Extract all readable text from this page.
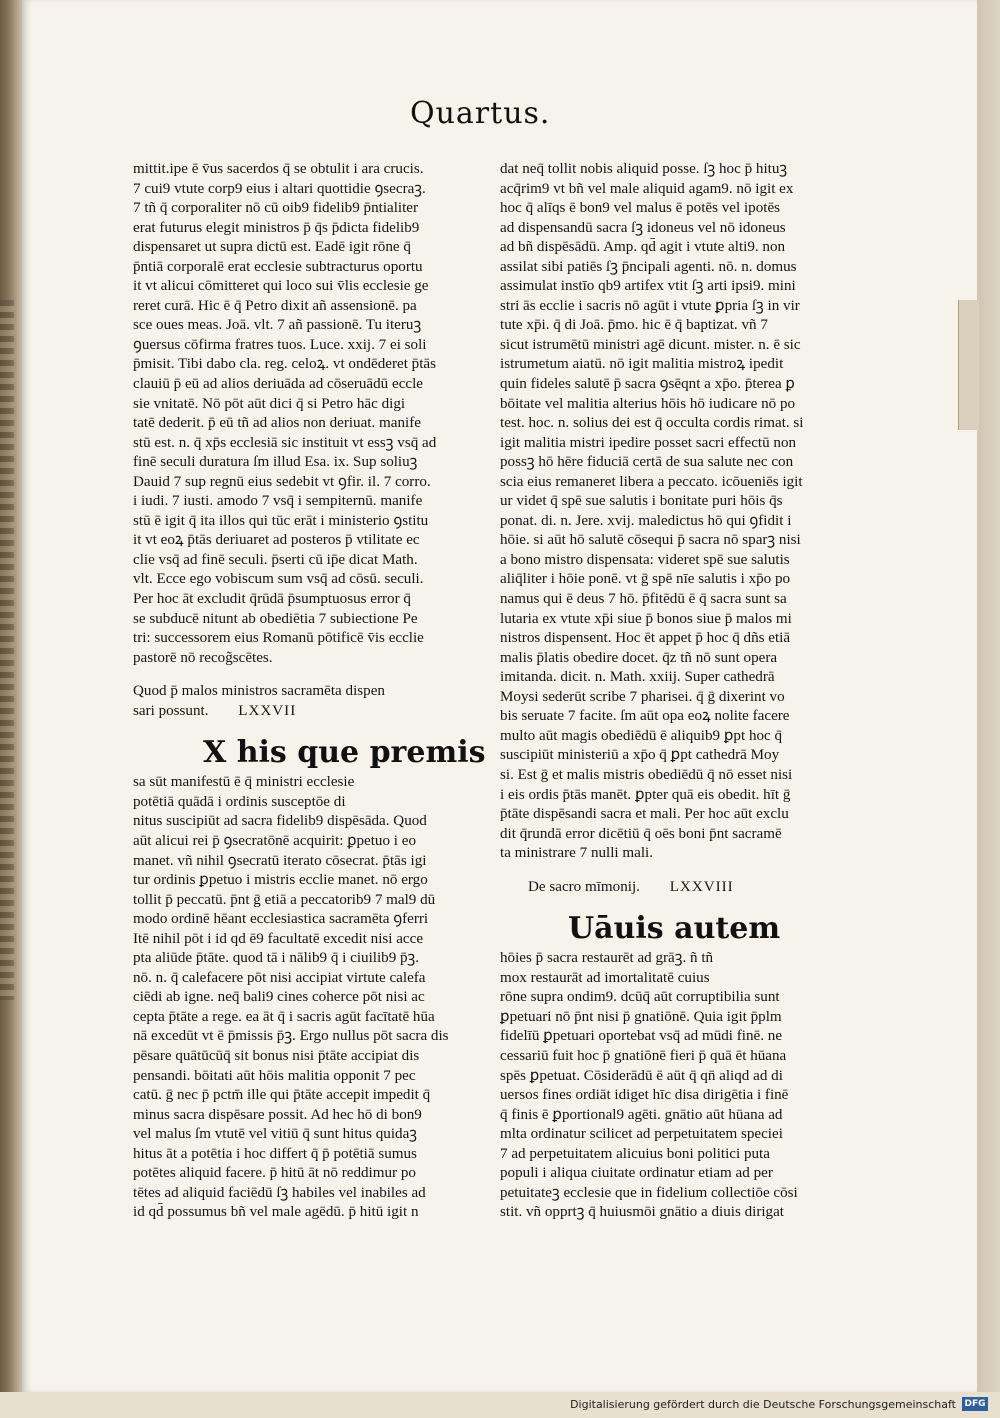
Quartus.
mittit.ipe ē v̄us sacerdos q̄ se obtulit i ara crucis.
7 cui9 vtute corp9 eius i altari quottidie ꝯsecraꝫ.
7 tñ q̄ corporaliter nō cū oib9 fidelib9 p̄ntialiter
erat futurus elegit ministros p̄ q̄s p̄dicta fidelib9
dispensaret ut supra dictū est. Eadē igit rōne q̄
p̄ntiā corporalē erat ecclesie subtracturus oportu
it vt alicui cōmitteret qui loco sui v̄lis ecclesie ge
reret curā. Hic ē q̄ Petro dixit añ assensionē. pa
sce oues meas. Joā. vlt. 7 añ passionē. Tu iteruꝫ
ꝯuersus cōfirma fratres tuos. Luce. xxij. 7 ei soli
p̄misit. Tibi dabo cla. reg. celoꝝ. vt ondēderet p̄tās
clauiū p̄ eū ad alios deriuāda ad cōseruādū eccle
sie vnitatē. Nō pōt aūt dici q̄ si Petro hāc digi
tatē dederit. p̄ eū tñ ad alios non deriuat. manife
stū est. n. q̄ xp̄s ecclesiā sic instituit vt essꝫ vsq̄ ad
finē seculi duratura ſm illud Esa. ix. Sup soliuꝫ
Dauid 7 sup regnū eius sedebit vt ꝯfir. il. 7 corro.
i iudi. 7 iusti. amodo 7 vsq̄ i sempiternū. manife
stū ē igit q̄ ita illos qui tūc erāt i ministerio ꝯstitu
it vt eoꝝ p̄tās deriuaret ad posteros p̄ vtilitate ec
clie vsq̄ ad finē seculi. p̄serti cū ip̄e dicat Math.
vlt. Ecce ego vobiscum sum vsq̄ ad cōsū. seculi.
Per hoc āt excludit q̄rūdā p̄sumptuosus error q̄
se subducē nitunt ab obediētia 7 subiectione Pe
tri: successorem eius Romanū pōtificē v̄is ecclie
pastorē nō recog̃scētes.
Quod p̄ malos ministros sacramēta dispen
sari possunt. LXXVII
X his que premis
sa sūt manifestū ē q̄ ministri ecclesie
potētiā quādā i ordinis susceptōe di
nitus suscipiūt ad sacra fidelib9 dispēsāda. Quod
aūt alicui rei p̄ ꝯsecratōnē acquirit: ꝑpetuo i eo
manet. vñ nihil ꝯsecratū iterato cōsecrat. p̄tās igi
tur ordinis ꝑpetuo i mistris ecclie manet. nō ergo
tollit p̄ peccatū. p̄nt ḡ etiā a peccatorib9 7 mal9 dū
modo ordinē hēant ecclesiastica sacramēta ꝯferri
Itē nihil pōt i id qd ē9 facultatē excedit nisi acce
pta aliūde p̄tāte. quod tā i nālib9 q̄ i ciuilib9 p̄ꝫ.
nō. n. q̄ calefacere pōt nisi accipiat virtute calefa
ciēdi ab igne. neq̄ bali9 cines coherce pōt nisi ac
cepta p̄tāte a rege. ea āt q̄ i sacris agūt facītatē hūa
nā excedūt vt ē p̄missis p̄ꝫ. Ergo nullus pōt sacra dis
pēsare quātūcūq̄ sit bonus nisi p̄tāte accipiat dis
pensandi. bōitati aūt hōis malitia opponit 7 pec
catū. ḡ nec p̄ pctm̄ ille qui p̄tāte accepit impedit q̄
minus sacra dispēsare possit. Ad hec hō di bon9
vel malus ſm vtutē vel vitiū q̄ sunt hitus quidaꝫ
hitus āt a potētia i hoc differt q̄ p̄ potētiā sumus
potētes aliquid facere. p̄ hitū āt nō reddimur po
tētes ad aliquid faciēdū ſꝫ habiles vel inabiles ad
id qd̄ possumus bñ vel male agēdū. p̄ hitū igit n
dat neq̄ tollit nobis aliquid posse. ſꝫ hoc p̄ hituꝫ
acq̄rim9 vt bñ vel male aliquid agam9. nō igit ex
hoc q̄ alīqs ē bon9 vel malus ē potēs vel ipotēs
ad dispensandū sacra ſꝫ idoneus vel nō idoneus
ad bñ dispēsādū. Amp. qd̄ agit i vtute alti9. non
assilat sibi patiēs ſꝫ p̄ncipali agenti. nō. n. domus
assimulat instīo qb9 artifex vtit ſꝫ arti ipsi9. mini
stri ās ecclie i sacris nō agūt i vtute ꝑpria ſꝫ in vir
tute xp̄i. q̄ di Joā. p̄mo. hic ē q̄ baptizat. vñ 7
sicut istrumētū ministri agē dicunt. mister. n. ē sic
istrumetum aiatū. nō igit malitia mistroꝝ ipedit
quin fideles salutē p̄ sacra ꝯsēqnt a xp̄o. p̄terea ꝑ
bōitate vel malitia alterius hōis hō iudicare nō po
test. hoc. n. solius dei est q̄ occulta cordis rimat. si
igit malitia mistri ipedire posset sacri effectū non
possꝫ hō hēre fiduciā certā de sua salute nec con
scia eius remaneret libera a peccato. icōueniēs igit
ur videt q̄ spē sue salutis i bonitate puri hōis q̄s
ponat. di. n. Jere. xvij. maledictus hō qui ꝯfidit i
hōie. si aūt hō salutē cōsequi p̄ sacra nō sparꝫ nisi
a bono mistro dispensata: videret spē sue salutis
aliq̄liter i hōie ponē. vt ḡ spē nīe salutis i xp̄o po
namus qui ē deus 7 hō. p̄fitēdū ē q̄ sacra sunt sa
lutaria ex vtute xp̄i siue p̄ bonos siue p̄ malos mi
nistros dispensent. Hoc ēt appet p̄ hoc q̄ dñs etiā
malis p̄latis obedire docet. q̄z tñ nō sunt opera
imitanda. dicit. n. Math. xxiij. Super cathedrā
Moysi sederūt scribe 7 pharisei. q̄ ḡ dixerint vo
bis seruate 7 facite. ſm aūt opa eoꝝ nolite facere
multo aūt magis obediēdū ē aliquib9 ꝑpt hoc q̄
suscipiūt ministeriū a xp̄o q̄ ꝑpt cathedrā Moy
si. Est ḡ et malis mistris obediēdū q̄ nō esset nisi
i eis ordis p̄tās manēt. ꝑpter quā eis obedit. hīt ḡ
p̄tāte dispēsandi sacra et mali. Per hoc aūt exclu
dit q̄rundā error dicētiū q̄ oēs boni p̄nt sacramē
ta ministrare 7 nulli mali.
De sacro mīmonij. LXXVIII
Uāuis autem
hōies p̄ sacra restaurēt ad grāꝫ. ñ tñ
mox restaurāt ad imortalitatē cuius
rōne supra ondim9. dcūq̄ aūt corruptibilia sunt
ꝑpetuari nō p̄nt nisi p̄ gnatiōnē. Quia igit p̄plm
fidelīū ꝑpetuari oportebat vsq̄ ad mūdi finē. ne
cessariū fuit hoc p̄ gnatiōnē fieri p̄ quā ēt hūana
spēs ꝑpetuat. Cōsiderādū ē aūt q̄ qn̄ aliqd ad di
uersos fines ordiāt idiget hīc disa dirigētia i finē
q̄ finis ē ꝑportional9 agēti. gnātio aūt hūana ad
mlta ordinatur scilicet ad perpetuitatem speciei
7 ad perpetuitatem alicuius boni politici puta
populi i aliqua ciuitate ordinatur etiam ad per
petuitateꝫ ecclesie que in fidelium collectiōe cōsi
stit. vñ opprtꝫ q̄ huiusmōi gnātio a diuis dirigat
Digitalisierung gefördert durch die Deutsche Forschungsgemeinschaft DFG
